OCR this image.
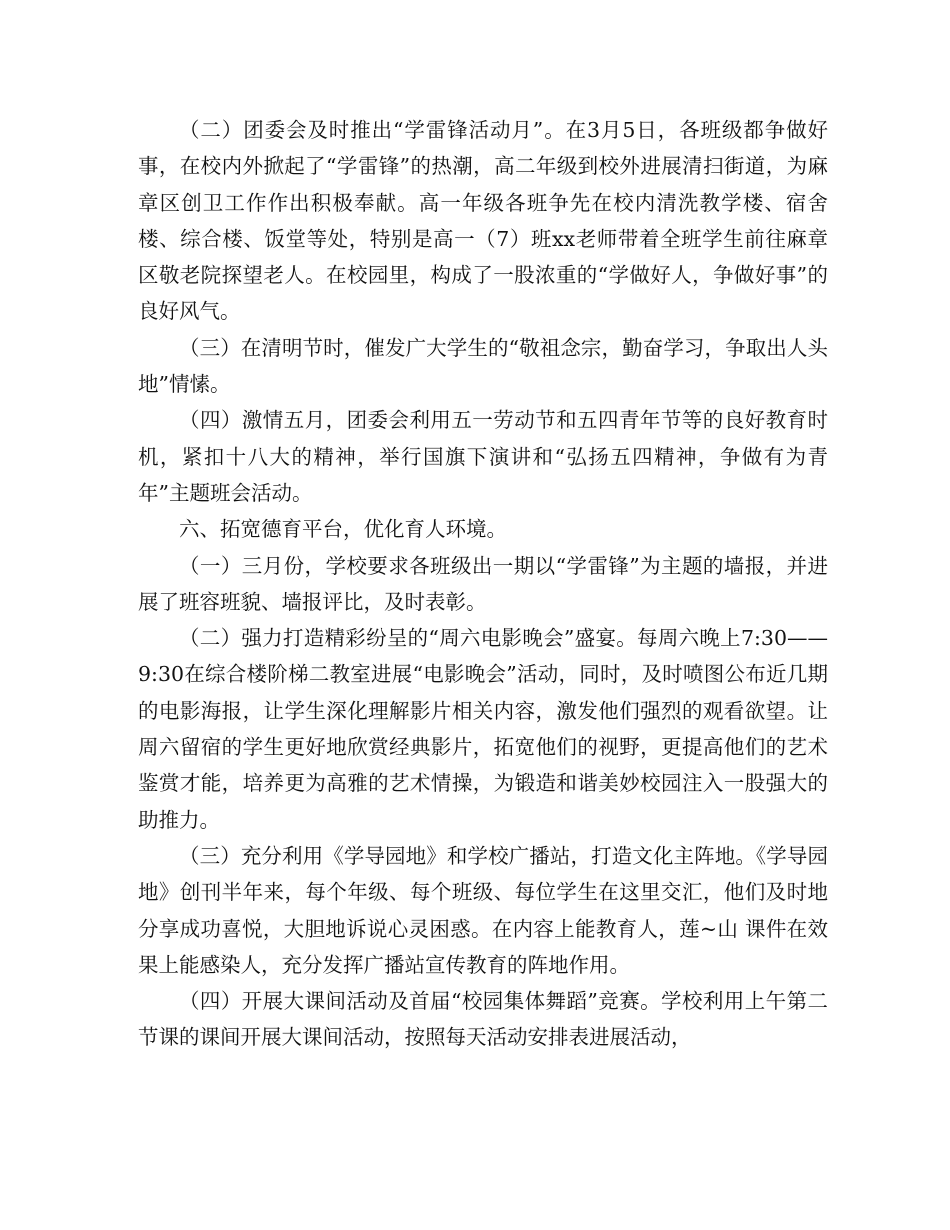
（二）团委会及时推出“学雷锋活动月”。在3月5日，各班级都争做好事，在校内外掀起了“学雷锋”的热潮，高二年级到校外进展清扫街道，为麻章区创卫工作作出积极奉献。高一年级各班争先在校内清洗教学楼、宿舍楼、综合楼、饭堂等处，特别是高一（7）班xx老师带着全班学生前往麻章区敬老院探望老人。在校园里，构成了一股浓重的“学做好人，争做好事”的良好风气。

（三）在清明节时，催发广大学生的“敬祖念宗，勤奋学习，争取出人头地”情愫。

（四）激情五月，团委会利用五一劳动节和五四青年节等的良好教育时机，紧扣十八大的精神，举行国旗下演讲和“弘扬五四精神，争做有为青年”主题班会活动。

六、拓宽德育平台，优化育人环境。

（一）三月份，学校要求各班级出一期以“学雷锋”为主题的墙报，并进展了班容班貌、墙报评比，及时表彰。

（二）强力打造精彩纷呈的“周六电影晚会”盛宴。每周六晚上7:30——9:30在综合楼阶梯二教室进展“电影晚会”活动，同时，及时喷图公布近几期的电影海报，让学生深化理解影片相关内容，激发他们强烈的观看欲望。让周六留宿的学生更好地欣赏经典影片，拓宽他们的视野，更提高他们的艺术鉴赏才能，培养更为高雅的艺术情操，为锻造和谐美妙校园注入一股强大的助推力。

（三）充分利用《学导园地》和学校广播站，打造文化主阵地。《学导园地》创刊半年来，每个年级、每个班级、每位学生在这里交汇，他们及时地分享成功喜悦，大胆地诉说心灵困惑。在内容上能教育人，莲~山 课件在效果上能感染人，充分发挥广播站宣传教育的阵地作用。

（四）开展大课间活动及首届“校园集体舞蹈”竞赛。学校利用上午第二节课的课间开展大课间活动，按照每天活动安排表进展活动，
